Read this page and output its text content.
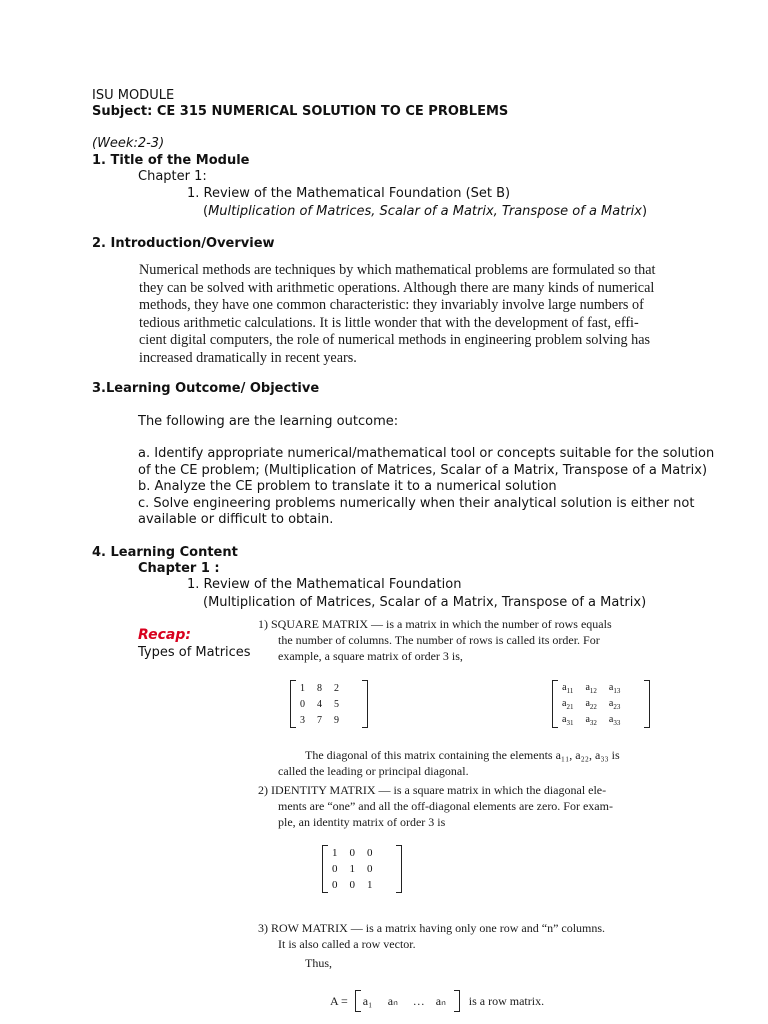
ISU MODULE
Subject: CE 315 NUMERICAL SOLUTION TO CE PROBLEMS
(Week:2-3)
1. Title of the Module
Chapter 1:
1. Review of the Mathematical Foundation (Set B)
(Multiplication of Matrices, Scalar of a Matrix, Transpose of a Matrix)
2. Introduction/Overview
Numerical methods are techniques by which mathematical problems are formulated so that
they can be solved with arithmetic operations. Although there are many kinds of numerical
methods, they have one common characteristic: they invariably involve large numbers of
tedious arithmetic calculations. It is little wonder that with the development of fast, effi-
cient digital computers, the role of numerical methods in engineering problem solving has
increased dramatically in recent years.
3.Learning Outcome/ Objective
The following are the learning outcome:
a. Identify appropriate numerical/mathematical tool or concepts suitable for the solution
of the CE problem; (Multiplication of Matrices, Scalar of a Matrix, Transpose of a Matrix)
b. Analyze the CE problem to translate it to a numerical solution
c. Solve engineering problems numerically when their analytical solution is either not
available or difficult to obtain.
4. Learning Content
Chapter 1 :
1. Review of the Mathematical Foundation
(Multiplication of Matrices, Scalar of a Matrix, Transpose of a Matrix)
Recap:
Types of Matrices
1) SQUARE MATRIX — is a matrix in which the number of rows equals
the number of columns. The number of rows is called its order. For
example, a square matrix of order 3 is,
1	8	2
0	4	5
3	7	9
$a_{11}$	$a_{12}$	$a_{13}$
$a_{21}$	$a_{22}$	$a_{23}$
$a_{31}$	$a_{32}$	$a_{33}$
The diagonal of this matrix containing the elements a₁₁, a₂₂, a₃₃ is
called the leading or principal diagonal.
2) IDENTITY MATRIX — is a square matrix in which the diagonal ele-
ments are “one” and all the off-diagonal elements are zero. For exam-
ple, an identity matrix of order 3 is
1	0	0
0	1	0
0	0	1
3) ROW MATRIX — is a matrix having only one row and “n” columns.
It is also called a row vector.
Thus,
A = a₁ aₙ … aₙ is a row matrix.
